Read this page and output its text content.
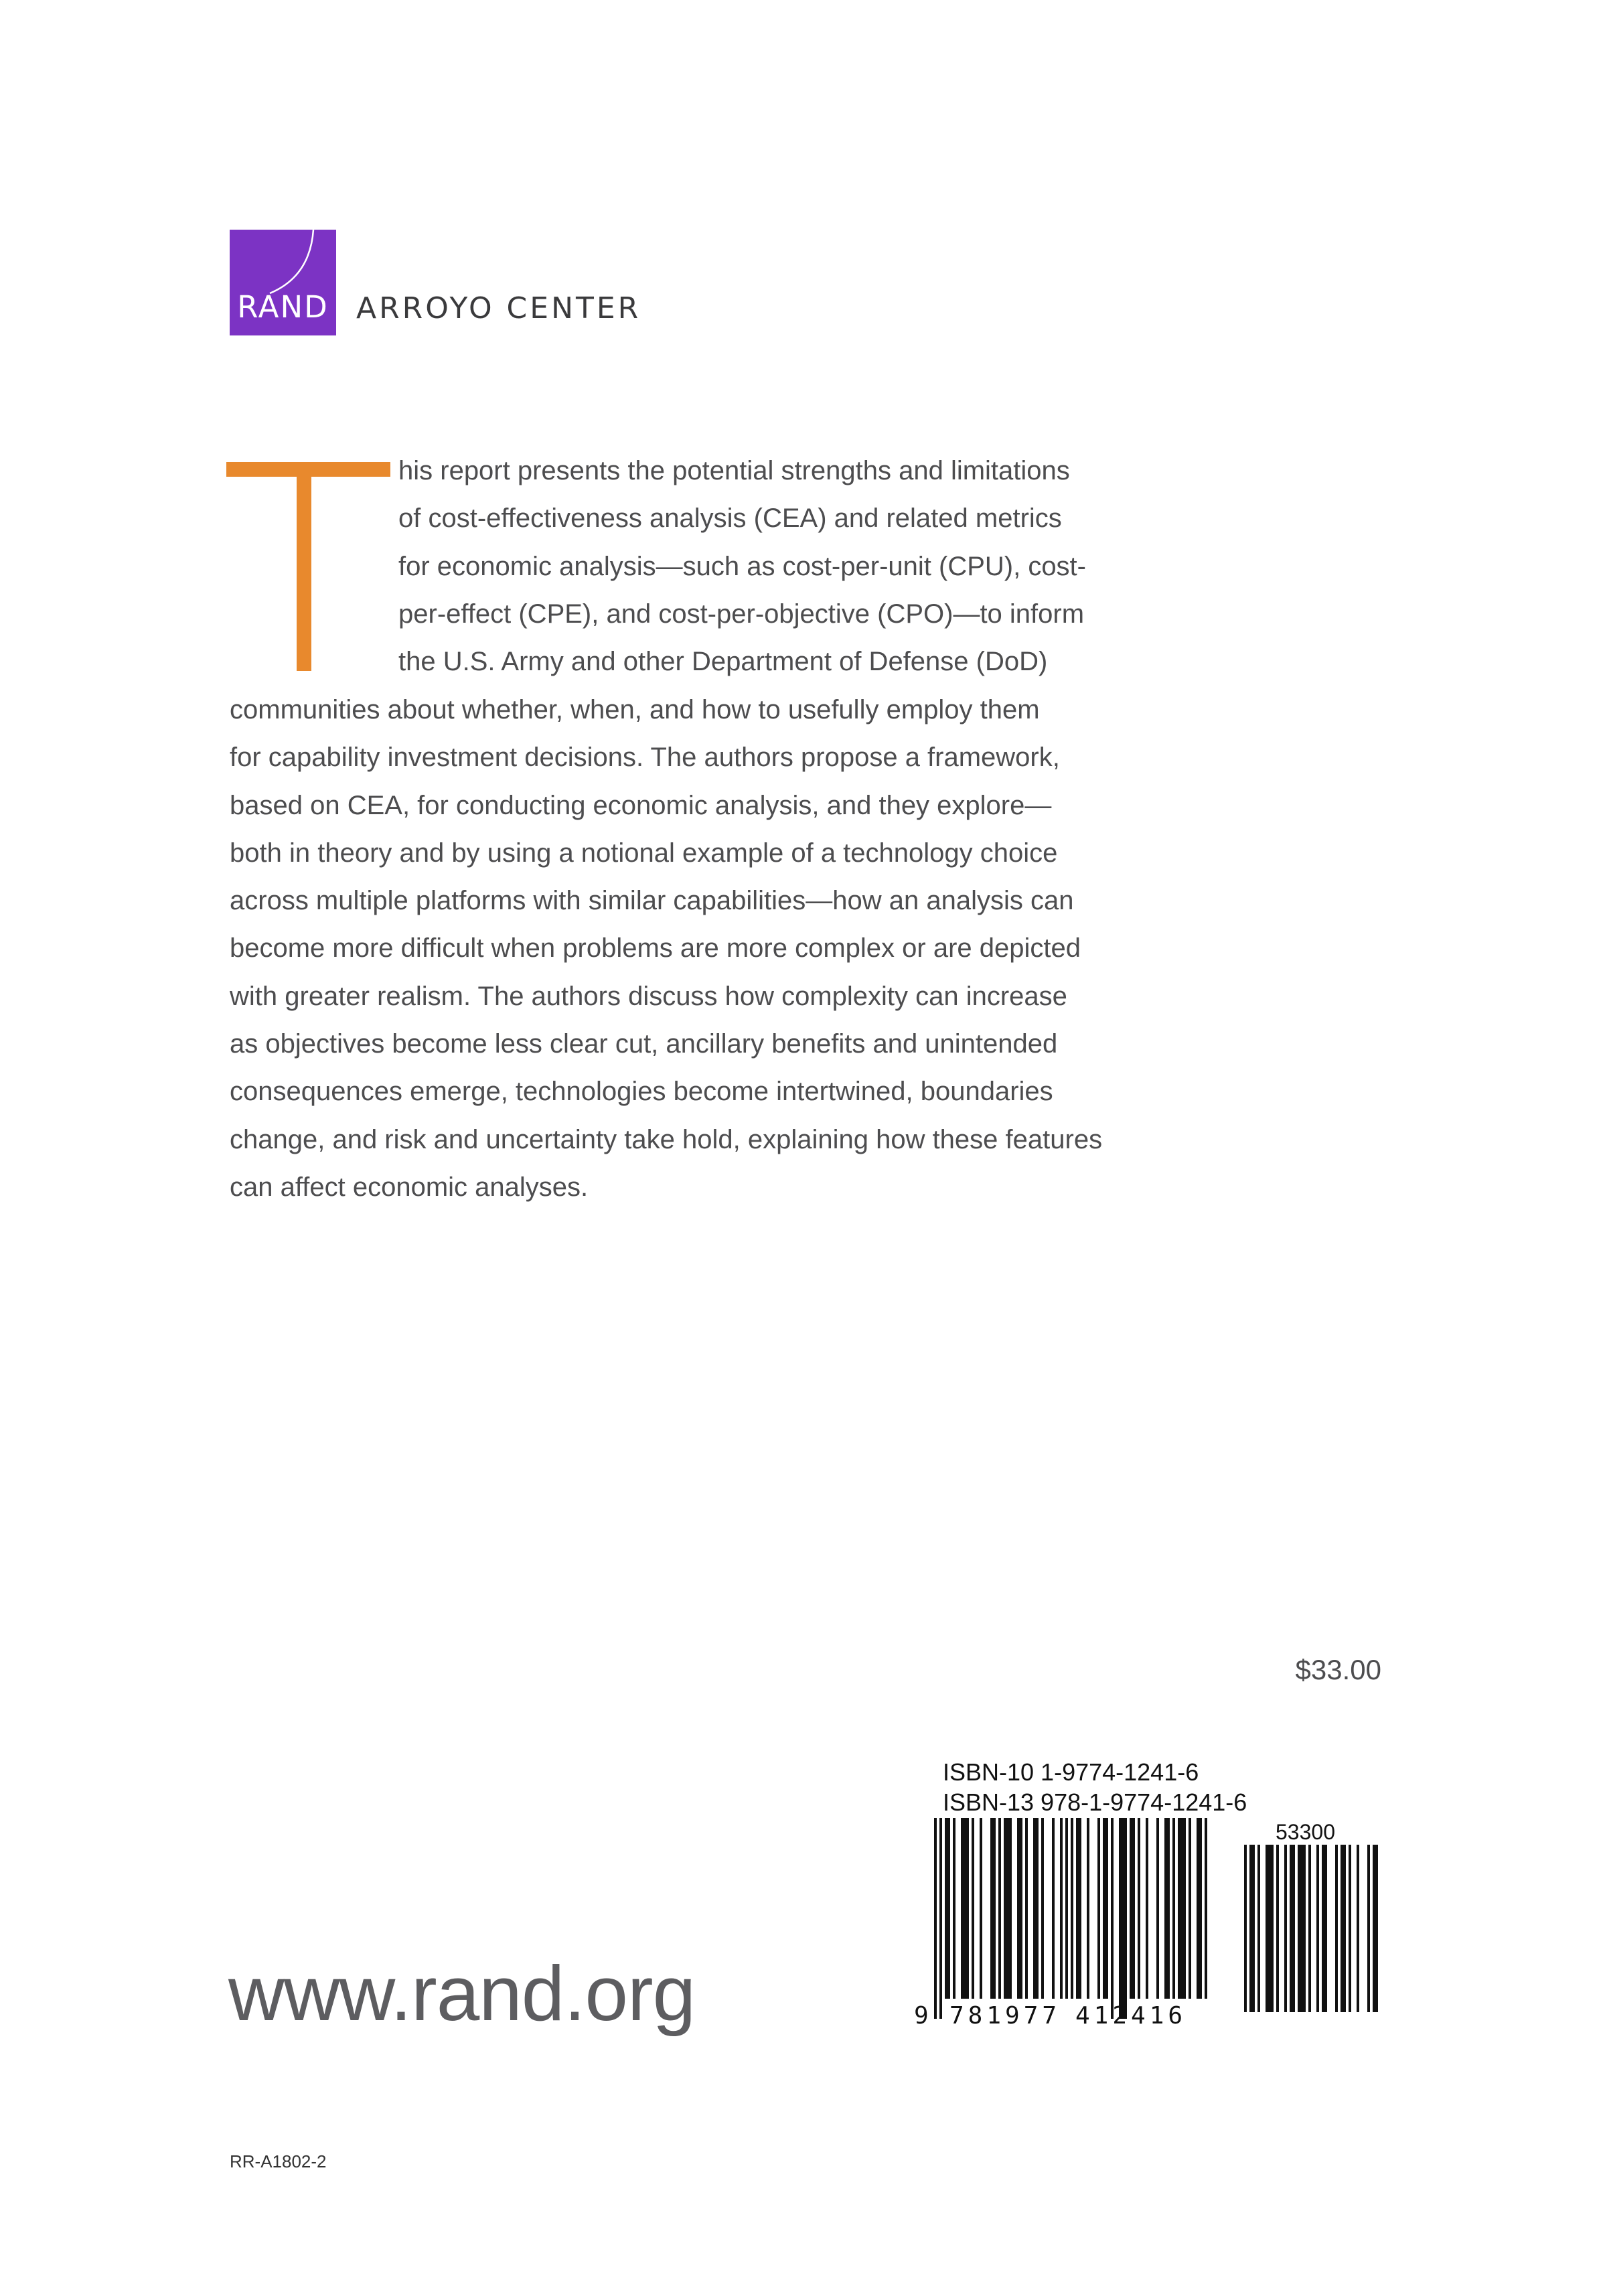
RAND ARROYO CENTER
his report presents the potential strengths and limitations
of cost-effectiveness analysis (CEA) and related metrics
for economic analysis—such as cost-per-unit (CPU), cost-
per-effect (CPE), and cost-per-objective (CPO)—to inform
the U.S. Army and other Department of Defense (DoD)
communities about whether, when, and how to usefully employ them
for capability investment decisions. The authors propose a framework,
based on CEA, for conducting economic analysis, and they explore—
both in theory and by using a notional example of a technology choice
across multiple platforms with similar capabilities—how an analysis can
become more difficult when problems are more complex or are depicted
with greater realism. The authors discuss how complexity can increase
as objectives become less clear cut, ancillary benefits and unintended
consequences emerge, technologies become intertwined, boundaries
change, and risk and uncertainty take hold, explaining how these features
can affect economic analyses.
$33.00
ISBN-10 1-9774-1241-6
ISBN-13 978-1-9774-1241-6
53300
9 781977 412416
www.rand.org
RR-A1802-2
